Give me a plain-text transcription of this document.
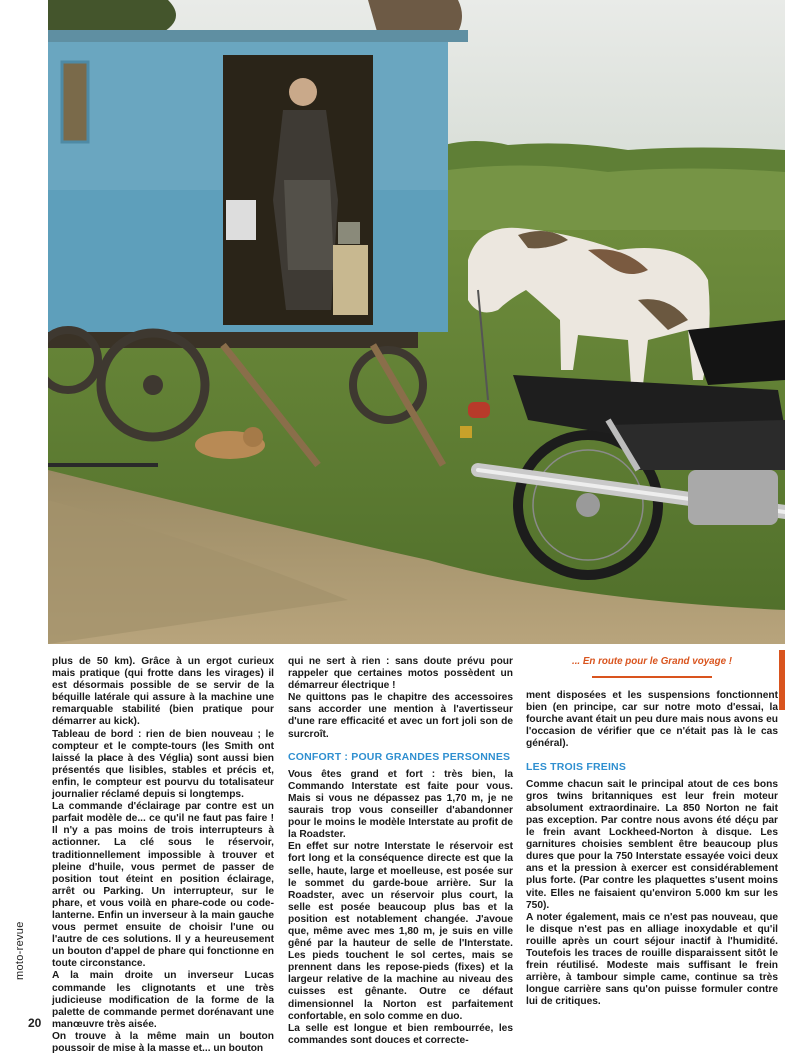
plus de 50 km). Grâce à un ergot curieux mais pratique (qui frotte dans les virages) il est désormais possible de se servir de la béquille latérale qui assure à la machine une remarquable stabilité (bien pratique pour démarrer au kick).

Tableau de bord : rien de bien nouveau ; le compteur et le compte-tours (les Smith ont laissé la pl̶ace à des Véglia) sont aussi bien présentés que lisibles, stables et précis et, enfin, le compteur est pourvu du totalisateur journalier réclamé depuis si longtemps.

La commande d'éclairage par contre est un parfait modèle de... ce qu'il ne faut pas faire ! Il n'y a pas moins de trois interrupteurs à actionner. La clé sous le réservoir, traditionnellement impossible à trouver et pleine d'huile, vous permet de passer de position tout éteint en position éclairage, arrêt ou Parking. Un interrupteur, sur le phare, et vous voilà en phare-code ou code-lanterne. Enfin un inverseur à la main gauche vous permet ensuite de choisir l'une ou l'autre de ces solutions. Il y a heureusement un bouton d'appel de phare qui fonctionne en toute circonstance.

A la main droite un inverseur Lucas commande les clignotants et une très judicieuse modification de la forme de la palette de commande permet dorénavant une manœuvre très aisée.

On trouve à la même main un bouton poussoir de mise à la masse et... un bouton

qui ne sert à rien : sans doute prévu pour rappeler que certaines motos possèdent un démarreur électrique !

Ne quittons pas le chapitre des accessoires sans accorder une mention à l'avertisseur d'une rare efficacité et avec un fort joli son de surcroît.

CONFORT : POUR GRANDES PERSONNES

Vous êtes grand et fort : très bien, la Commando Interstate est faite pour vous. Mais si vous ne dépassez pas 1,70 m, je ne saurais trop vous conseiller d'abandonner pour le moins le modèle Interstate au profit de la Roadster.

En effet sur notre Interstate le réservoir est fort long et la conséquence directe est que la selle, haute, large et moelleuse, est posée sur le sommet du garde-boue arrière. Sur la Roadster, avec un réservoir plus court, la selle est posée beaucoup plus bas et la position est notablement changée. J'avoue que, même avec mes 1,80 m, je suis en ville gêné par la hauteur de selle de l'Interstate. Les pieds touchent le sol certes, mais se prennent dans les repose-pieds (fixes) et la largeur relative de la machine au niveau des cuisses est gênante. Outre ce défaut dimensionnel la Norton est parfaitement confortable, en solo comme en duo.

La selle est longue et bien rembourrée, les commandes sont douces et correcte-

... En route pour le Grand voyage !

ment disposées et les suspensions fonctionnent bien (en principe, car sur notre moto d'essai, la fourche avant était un peu dure mais nous avons eu l'occasion de vérifier que ce n'était pas là le cas général).

LES TROIS FREINS

Comme chacun sait le principal atout de ces bons gros twins britanniques est leur frein moteur absolument extraordinaire. La 850 Norton ne fait pas exception. Par contre nous avons été déçu par le frein avant Lockheed-Norton à disque. Les garnitures choisies semblent être beaucoup plus dures que pour la 750 Interstate essayée voici deux ans et la pression à exercer est considérablement plus forte. (Par contre les plaquettes s'usent moins vite. Elles ne faisaient qu'environ 5.000 km sur les 750).

A noter également, mais ce n'est pas nouveau, que le disque n'est pas en alliage inoxydable et qu'il rouille après un court séjour inactif à l'humidité. Toutefois les traces de rouille disparaissent sitôt le frein réutilisé. Modeste mais suffisant le frein arrière, à tambour simple came, continue sa très longue carrière sans qu'on puisse formuler contre lui de critiques.

moto-revue
20
